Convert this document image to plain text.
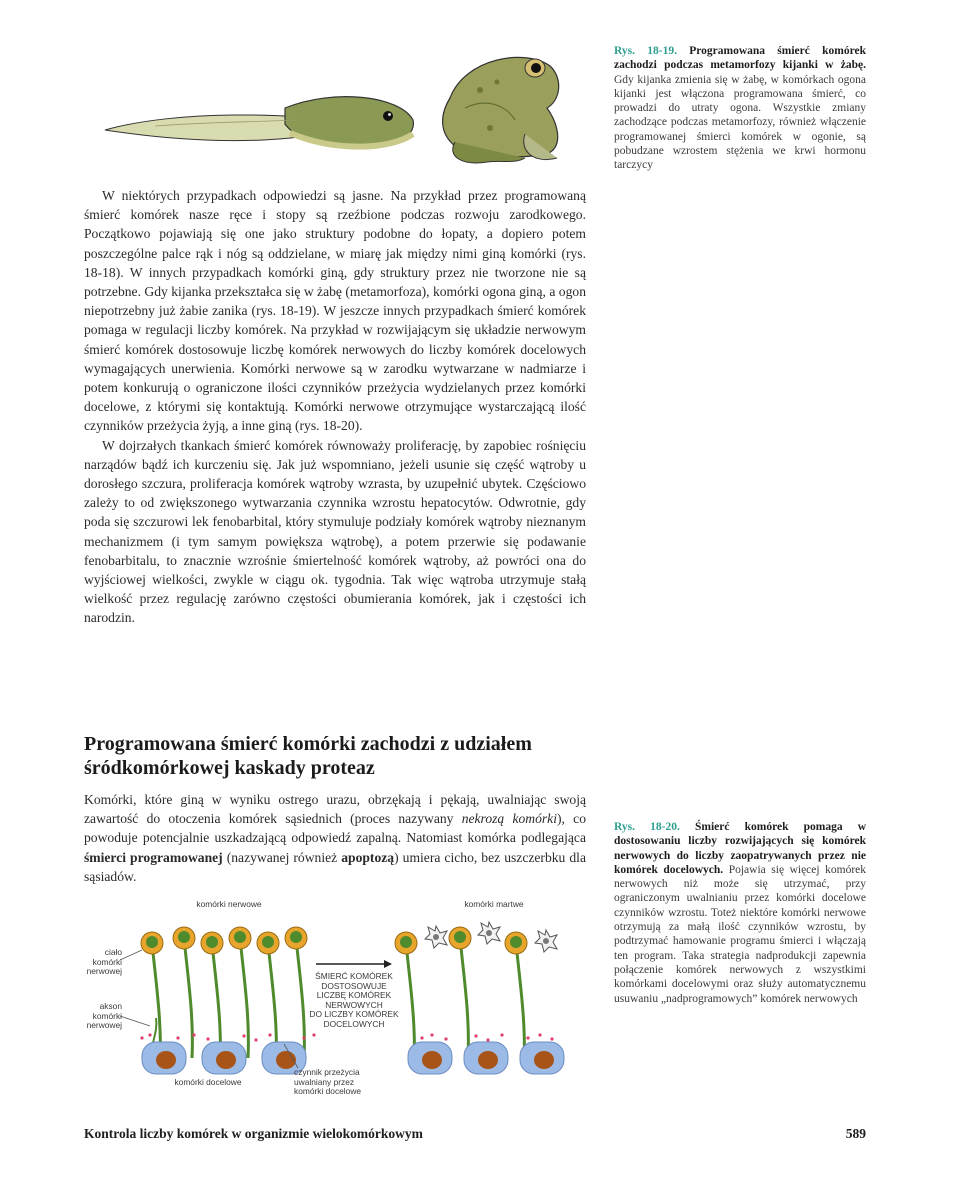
Rys. 18-19. Programowana śmierć komórek zachodzi podczas metamorfozy kijanki w żabę. Gdy kijanka zmienia się w żabę, w komórkach ogona kijanki jest włączona programowana śmierć, co prowadzi do utraty ogona. Wszystkie zmiany zachodzące podczas metamorfozy, również włączenie programowanej śmierci komórek w ogonie, są pobudzane wzrostem stężenia we krwi hormonu tarczycy

W niektórych przypadkach odpowiedzi są jasne. Na przykład przez programowaną śmierć komórek nasze ręce i stopy są rzeźbione podczas rozwoju zarodkowego. Początkowo pojawiają się one jako struktury podobne do łopaty, a dopiero potem poszczególne palce rąk i nóg są oddzielane, w miarę jak między nimi giną komórki (rys. 18-18). W innych przypadkach komórki giną, gdy struktury przez nie tworzone nie są potrzebne. Gdy kijanka przekształca się w żabę (metamorfoza), komórki ogona giną, a ogon niepotrzebny już żabie zanika (rys. 18-19). W jeszcze innych przypadkach śmierć komórek pomaga w regulacji liczby komórek. Na przykład w rozwijającym się układzie nerwowym śmierć komórek dostosowuje liczbę komórek nerwowych do liczby komórek docelowych wymagających unerwienia. Komórki nerwowe są w zarodku wytwarzane w nadmiarze i potem konkurują o ograniczone ilości czynników przeżycia wydzielanych przez komórki docelowe, z którymi się kontaktują. Komórki nerwowe otrzymujące wystarczającą ilość czynników przeżycia żyją, a inne giną (rys. 18-20).

W dojrzałych tkankach śmierć komórek równoważy proliferację, by zapobiec rośnięciu narządów bądź ich kurczeniu się. Jak już wspomniano, jeżeli usunie się część wątroby u dorosłego szczura, proliferacja komórek wątroby wzrasta, by uzupełnić ubytek. Częściowo zależy to od zwiększonego wytwarzania czynnika wzrostu hepatocytów. Odwrotnie, gdy poda się szczurowi lek fenobarbital, który stymuluje podziały komórek wątroby nieznanym mechanizmem (i tym samym powiększa wątrobę), a potem przerwie się podawanie fenobarbitalu, to znacznie wzrośnie śmiertelność komórek wątroby, aż powróci ona do wyjściowej wielkości, zwykle w ciągu ok. tygodnia. Tak więc wątroba utrzymuje stałą wielkość przez regulację zarówno częstości obumierania komórek, jak i częstości ich narodzin.

Programowana śmierć komórki zachodzi z udziałem

śródkomórkowej kaskady proteaz

Komórki, które giną w wyniku ostrego urazu, obrzękają i pękają, uwalniając swoją zawartość do otoczenia komórek sąsiednich (proces nazywany nekrozą komórki), co powoduje potencjalnie uszkadzającą odpowiedź zapalną. Natomiast komórka podlegająca śmierci programowanej (nazywanej również apoptozą) umiera cicho, bez uszczerbku dla sąsiadów.

komórki nerwowe	komórki martwe
ciało
komórki
nerwowej
akson
komórki
nerwowej
ŚMIERĆ KOMÓREK
DOSTOSOWUJE
LICZBĘ KOMÓREK
NERWOWYCH
DO LICZBY KOMÓREK
DOCELOWYCH
komórki docelowe
czynnik przeżycia
uwalniany przez
komórki docelowe
Rys. 18-20. Śmierć komórek pomaga w dostosowaniu liczby rozwijających się komórek nerwowych do liczby zaopatrywanych przez nie komórek docelowych. Pojawia się więcej komórek nerwowych niż może się utrzymać, przy ograniczonym uwalnianiu przez komórki docelowe czynników wzrostu. Toteż niektóre komórki nerwowe otrzymują za małą ilość czynników wzrostu, by podtrzymać hamowanie programu śmierci i włączają ten program. Taka strategia nadprodukcji zapewnia połączenie komórek nerwowych z wszystkimi komórkami docelowymi oraz służy automatycznemu usuwaniu „nadprogramowych” komórek nerwowych
Kontrola liczby komórek w organizmie wielokomórkowym	589
